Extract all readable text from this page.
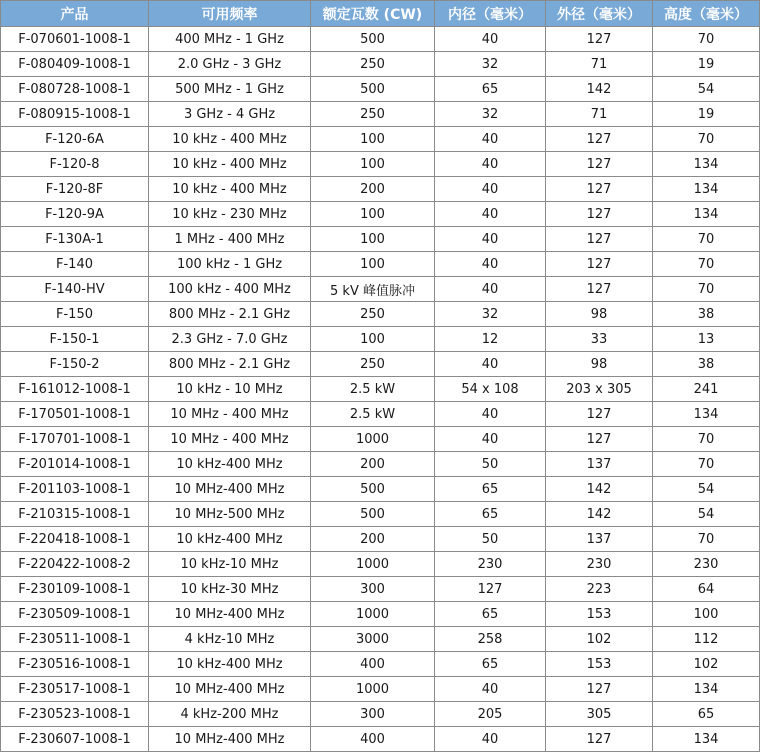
产品	可用频率	额定瓦数 (CW)	内径（毫米）	外径（毫米）	高度（毫米）
F-070601-1008-1	400 MHz - 1 GHz	500	40	127	70
F-080409-1008-1	2.0 GHz - 3 GHz	250	32	71	19
F-080728-1008-1	500 MHz - 1 GHz	500	65	142	54
F-080915-1008-1	3 GHz - 4 GHz	250	32	71	19
F-120-6A	10 kHz - 400 MHz	100	40	127	70
F-120-8	10 kHz - 400 MHz	100	40	127	134
F-120-8F	10 kHz - 400 MHz	200	40	127	134
F-120-9A	10 kHz - 230 MHz	100	40	127	134
F-130A-1	1 MHz - 400 MHz	100	40	127	70
F-140	100 kHz - 1 GHz	100	40	127	70
F-140-HV	100 kHz - 400 MHz	5 kV 峰值脉冲	40	127	70
F-150	800 MHz - 2.1 GHz	250	32	98	38
F-150-1	2.3 GHz - 7.0 GHz	100	12	33	13
F-150-2	800 MHz - 2.1 GHz	250	40	98	38
F-161012-1008-1	10 kHz - 10 MHz	2.5 kW	54 x 108	203 x 305	241
F-170501-1008-1	10 MHz - 400 MHz	2.5 kW	40	127	134
F-170701-1008-1	10 MHz - 400 MHz	1000	40	127	70
F-201014-1008-1	10 kHz-400 MHz	200	50	137	70
F-201103-1008-1	10 MHz-400 MHz	500	65	142	54
F-210315-1008-1	10 MHz-500 MHz	500	65	142	54
F-220418-1008-1	10 kHz-400 MHz	200	50	137	70
F-220422-1008-2	10 kHz-10 MHz	1000	230	230	230
F-230109-1008-1	10 kHz-30 MHz	300	127	223	64
F-230509-1008-1	10 MHz-400 MHz	1000	65	153	100
F-230511-1008-1	4 kHz-10 MHz	3000	258	102	112
F-230516-1008-1	10 kHz-400 MHz	400	65	153	102
F-230517-1008-1	10 MHz-400 MHz	1000	40	127	134
F-230523-1008-1	4 kHz-200 MHz	300	205	305	65
F-230607-1008-1	10 MHz-400 MHz	400	40	127	134
